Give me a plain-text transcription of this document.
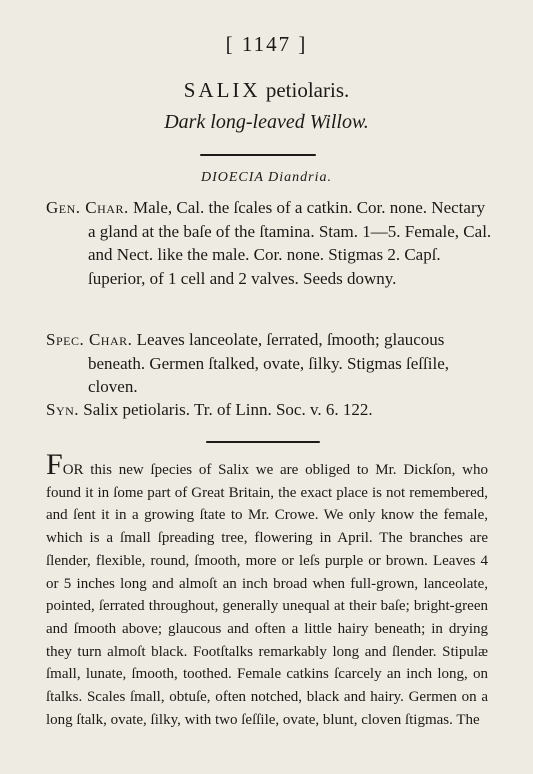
[ 1147 ]
SALIX petiolaris.
Dark long-leaved Willow.
DIOECIA Diandria.
Gen. Char. Male, Cal. the ſcales of a catkin. Cor. none. Nectary a gland at the baſe of the ſtamina. Stam. 1—5. Female, Cal. and Nect. like the male. Cor. none. Stigmas 2. Capſ. ſuperior, of 1 cell and 2 valves. Seeds downy.
Spec. Char. Leaves lanceolate, ſerrated, ſmooth; glaucous beneath. Germen ſtalked, ovate, ſilky. Stigmas ſeſſile, cloven.
Syn. Salix petiolaris. Tr. of Linn. Soc. v. 6. 122.
FOR this new ſpecies of Salix we are obliged to Mr. Dickſon, who found it in ſome part of Great Britain, the exact place is not remembered, and ſent it in a growing ſtate to Mr. Crowe. We only know the female, which is a ſmall ſpreading tree, flowering in April. The branches are ſlender, flexible, round, ſmooth, more or leſs purple or brown. Leaves 4 or 5 inches long and almoſt an inch broad when full-grown, lanceolate, pointed, ſerrated throughout, generally unequal at their baſe; bright-green and ſmooth above; glaucous and often a little hairy beneath; in drying they turn almoſt black. Footſtalks remarkably long and ſlender. Stipulæ ſmall, lunate, ſmooth, toothed. Female catkins ſcarcely an inch long, on ſtalks. Scales ſmall, obtuſe, often notched, black and hairy. Germen on a long ſtalk, ovate, ſilky, with two ſeſſile, ovate, blunt, cloven ſtigmas. The
